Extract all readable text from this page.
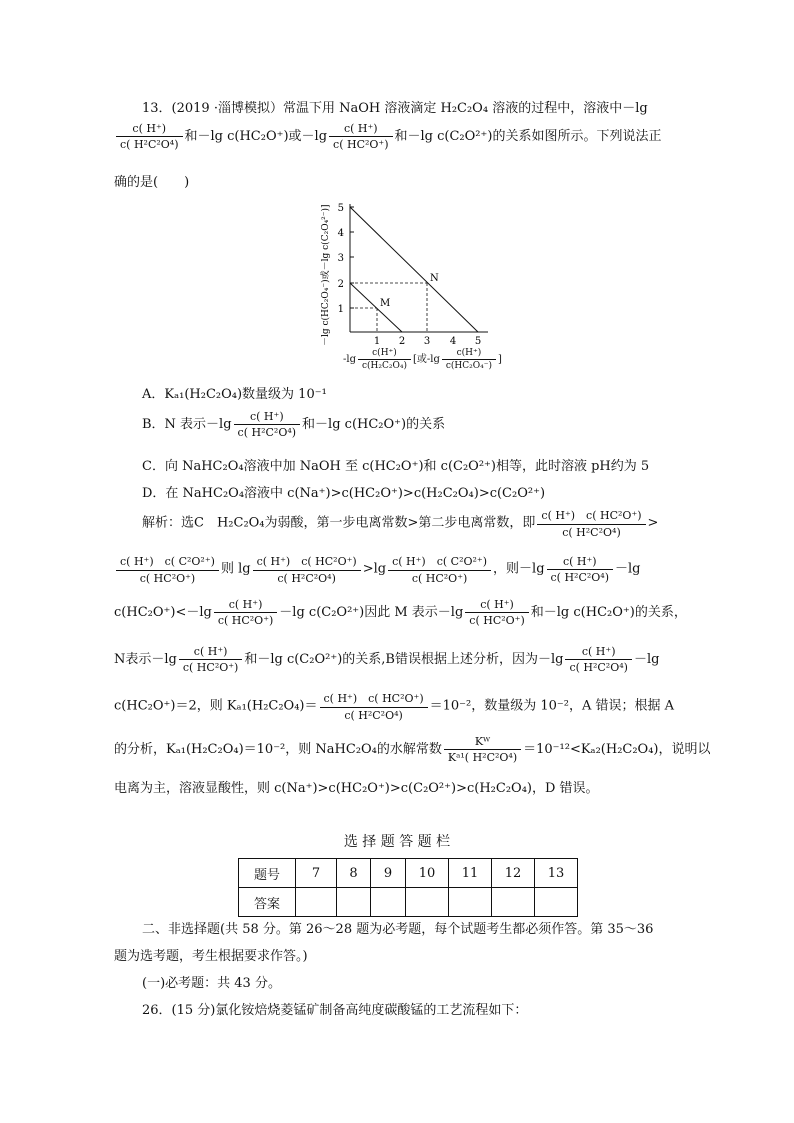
13．(2019 ·淄博模拟）常温下用 NaOH 溶液滴定 H₂C₂O₄ 溶液的过程中，溶液中－lg
$\frac{c( H^+)}{\text{c( H²C²O⁴)}}$ 和－lg c(HC₂O⁺)或$-\lg \frac{c( H^+)}{\text{c( HC²O⁺)}}$ 和－lg c(C₂O²⁺)的关系如图所示。下列说法正
确的是(　　)
5
4
3
2
1
1 2 3 4 5
M
N
－lg c(HC₂O₄⁻)或－lg c(C₂O₄²⁻)]
$-\lg \frac{c(H^+)}{\text{c(H₂C₂O₄)}}$ [或$-\lg \frac{c(H^+)}{\text{c(HC₂O₄⁻)}}$ ]
A．Kₐ₁(H₂C₂O₄)数量级为 10⁻¹
B．N 表示$-\lg \frac{c( H^+)}{\text{c( H²C²O⁴)}}$ 和－lg c(HC₂O⁺)的关系
C．向 NaHC₂O₄溶液中加 NaOH 至 c(HC₂O⁺)和 c(C₂O²⁺)相等，此时溶液 pH约为 5
D．在 NaHC₂O₄溶液中 c(Na⁺)>c(HC₂O⁺)>c(H₂C₂O₄)>c(C₂O²⁺)
解析：选C　H₂C₂O₄为弱酸，第一步电离常数>第二步电离常数，即 $\frac{\text{c( H⁺)　c( HC²O⁺)}}{\text{c( H²C²O⁴)}}$ >
$\frac{\text{c( H⁺)　c( C²O²⁺)}}{\text{c( HC²O⁺)}}$ 则 $\lg \frac{\text{c( H⁺)　c( HC²O⁺)}}{\text{c( H²C²O⁴)}} >\lg \frac{\text{c( H⁺)　c( C²O²⁺)}}{\text{c( HC²O⁺)}}$ ，则$-\lg \frac{c( H^+)}{\text{c( H²C²O⁴)}} -\lg$
$c(HC_2O^+)<-\lg \frac{c( H^+)}{\text{c( HC²O⁺)}} -\lg$ c(C₂O²⁺)因此 M 表示$-\lg \frac{c( H^+)}{\text{c( HC²O⁺)}}$ 和－lg c(HC₂O⁺)的关系，
N表示$-\lg \frac{c( H^+)}{\text{c( HC²O⁺)}}$ 和－lg c(C₂O²⁺)的关系,B错误根据上述分析，因为$-\lg \frac{c( H^+)}{\text{c( H²C²O⁴)}} -\lg$
c(HC₂O⁺)＝2，则 $K_{a1}(H_2C_2O_4)= \frac{\text{c( H⁺)　c( HC²O⁺)}}{\text{c( H²C²O⁴)}} =10^{-2}$，数量级为 10⁻²，A 错误；根据 A
的分析，Kₐ₁(H₂C₂O₄)＝10⁻²，则 NaHC₂O₄的水解常数 $\frac{\text{Kᵂ}}{\text{Kᵃ¹( H²C²O⁴)}} =10^{-12}<K_{a2}(H_2C_2O_4)$，说明以
电离为主，溶液显酸性，则 c(Na⁺)>c(HC₂O⁺)>c(C₂O²⁺)>c(H₂C₂O₄)，D 错误。
选 择 题 答 题 栏
题号	7	8	9	10	11	12	13
答案							
二、非选择题(共 58 分。第 26～28 题为必考题，每个试题考生都必须作答。第 35～36
题为选考题，考生根据要求作答。)
(一)必考题：共 43 分。
26．(15 分)氯化铵焙烧菱锰矿制备高纯度碳酸锰的工艺流程如下：
